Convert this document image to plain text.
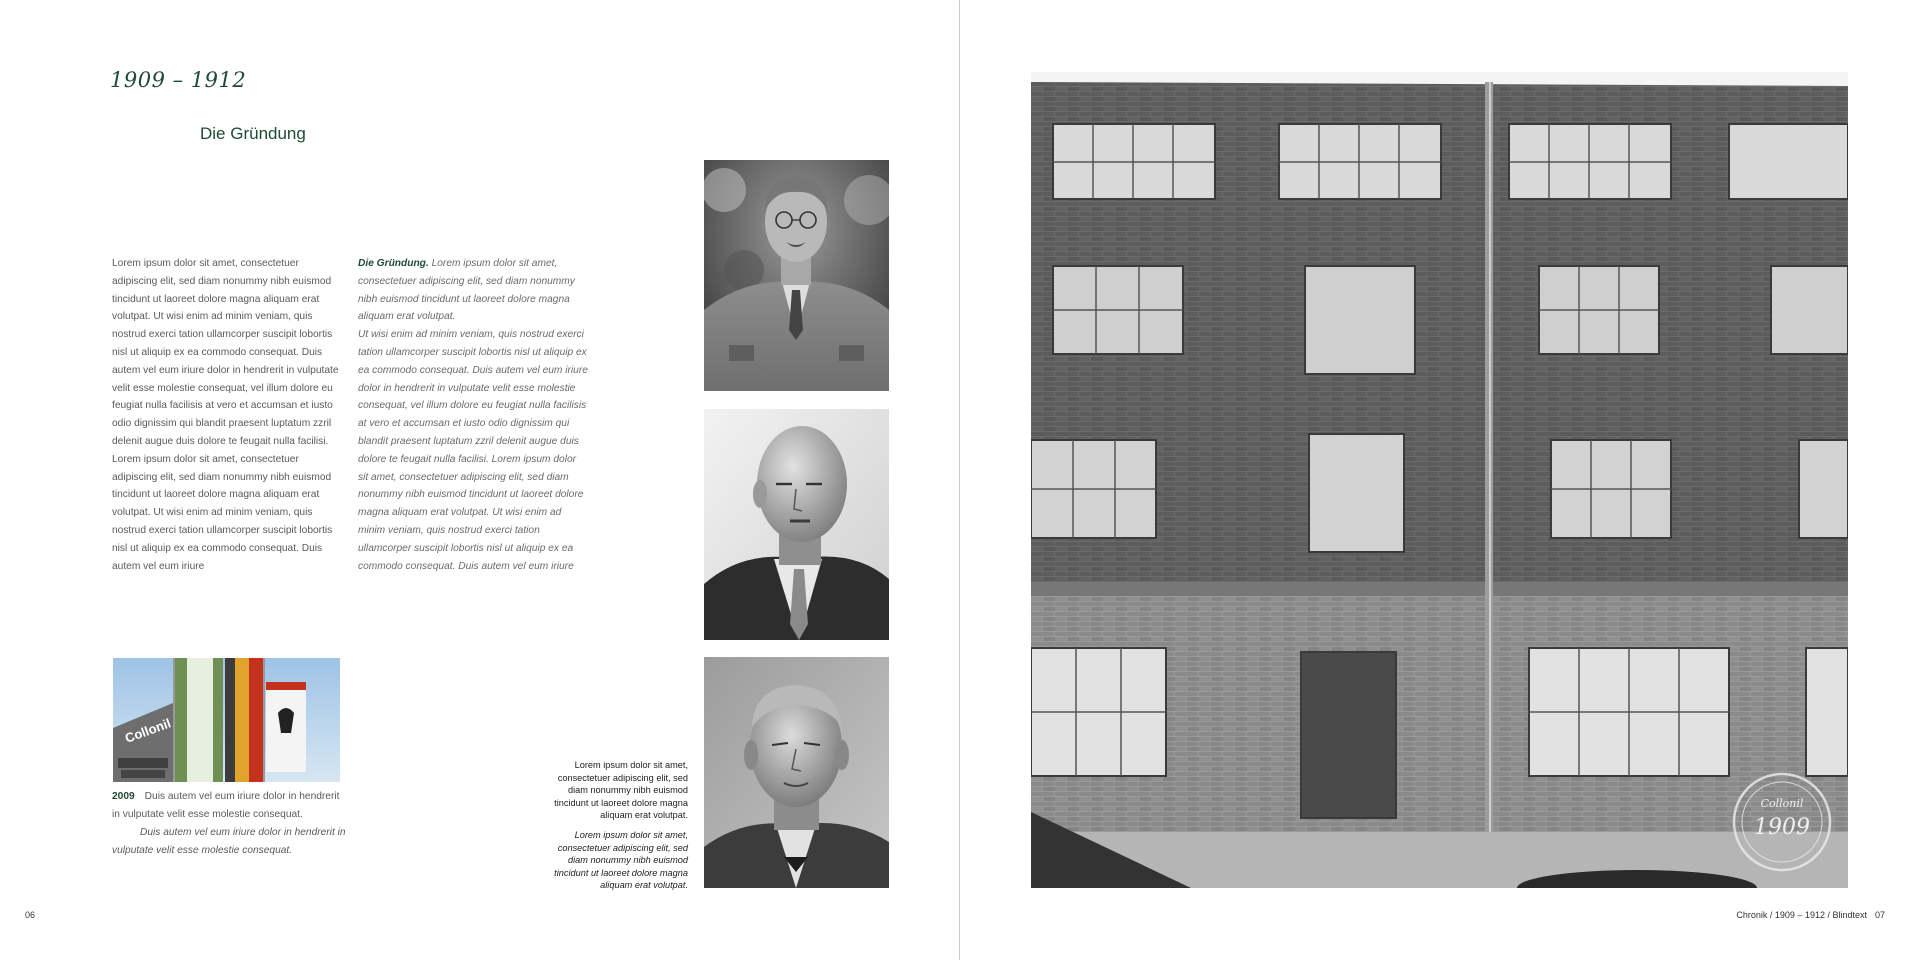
1909 – 1912
Die Gründung

Lorem ipsum dolor sit amet, consectetuer adipiscing elit, sed diam nonummy nibh euismod tincidunt ut laoreet dolore magna aliquam erat volutpat. Ut wisi enim ad minim veniam, quis nostrud exerci tation ullamcorper suscipit lobortis nisl ut aliquip ex ea commodo consequat. Duis autem vel eum iriure dolor in hendrerit in vulputate velit esse molestie consequat, vel illum dolore eu feugiat nulla facilisis at vero et accumsan et iusto odio dignissim qui blandit praesent luptatum zzril delenit augue duis dolore te feugait nulla facilisi. Lorem ipsum dolor sit amet, consectetuer adipiscing elit, sed diam nonummy nibh euismod tincidunt ut laoreet dolore magna aliquam erat volutpat. Ut wisi enim ad minim veniam, quis nostrud exerci tation ullamcorper suscipit lobortis nisl ut aliquip ex ea commodo consequat. Duis autem vel eum iriure

Die Gründung. Lorem ipsum dolor sit amet, consectetuer adipiscing elit, sed diam nonummy nibh euismod tincidunt ut laoreet dolore magna aliquam erat volutpat.

Ut wisi enim ad minim veniam, quis nostrud exerci tation ullamcorper suscipit lobortis nisl ut aliquip ex ea commodo consequat. Duis autem vel eum iriure dolor in hendrerit in vulputate velit esse molestie consequat, vel illum dolore eu feugiat nulla facilisis at vero et accumsan et iusto odio dignissim qui blandit praesent luptatum zzril delenit augue duis dolore te feugait nulla facilisi. Lorem ipsum dolor sit amet, consectetuer adipiscing elit, sed diam nonummy nibh euismod tincidunt ut laoreet dolore magna aliquam erat volutpat. Ut wisi enim ad minim veniam, quis nostrud exerci tation ullamcorper suscipit lobortis nisl ut aliquip ex ea commodo consequat. Duis autem vel eum iriure

Collonil
2009 Duis autem vel eum iriure dolor in hendrerit in vulputate velit esse molestie consequat.
Duis autem vel eum iriure dolor in hendrerit in vulputate velit esse molestie consequat.
Lorem ipsum dolor sit amet, consectetuer adipiscing elit, sed diam nonummy nibh euismod tincidunt ut laoreet dolore magna aliquam erat volutpat.
Lorem ipsum dolor sit amet, consectetuer adipiscing elit, sed diam nonummy nibh euismod tincidunt ut laoreet dolore magna aliquam erat volutpat.
06
Collonil
1909
Chronik / 1909 – 1912 / Blindtext 07
